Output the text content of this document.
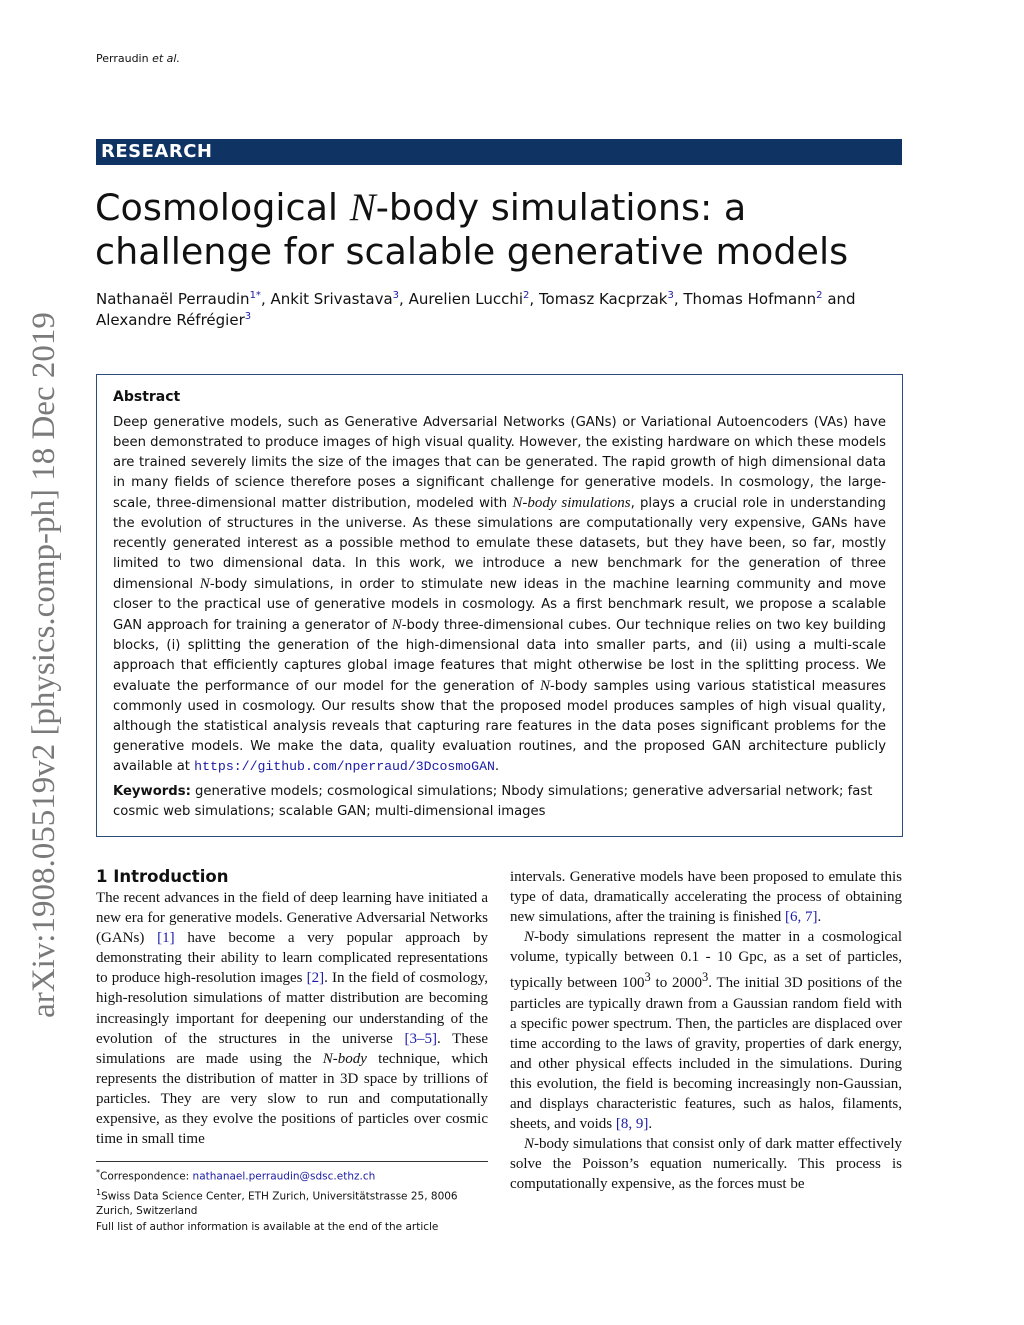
Perraudin et al.
arXiv:1908.05519v2 [physics.comp-ph] 18 Dec 2019
RESEARCH
Cosmological N-body simulations: a challenge for scalable generative models
Nathanaël Perraudin$^{1*}$, Ankit Srivastava$^3$, Aurelien Lucchi$^2$, Tomasz Kacprzak$^3$, Thomas Hofmann$^2$ and Alexandre Réfrégier$^3$
Abstract

Deep generative models, such as Generative Adversarial Networks (GANs) or Variational Autoencoders (VAs) have been demonstrated to produce images of high visual quality. However, the existing hardware on which these models are trained severely limits the size of the images that can be generated. The rapid growth of high dimensional data in many fields of science therefore poses a significant challenge for generative models. In cosmology, the large-scale, three-dimensional matter distribution, modeled with N-body simulations, plays a crucial role in understanding the evolution of structures in the universe. As these simulations are computationally very expensive, GANs have recently generated interest as a possible method to emulate these datasets, but they have been, so far, mostly limited to two dimensional data. In this work, we introduce a new benchmark for the generation of three dimensional N-body simulations, in order to stimulate new ideas in the machine learning community and move closer to the practical use of generative models in cosmology. As a first benchmark result, we propose a scalable GAN approach for training a generator of N-body three-dimensional cubes. Our technique relies on two key building blocks, (i) splitting the generation of the high-dimensional data into smaller parts, and (ii) using a multi-scale approach that efficiently captures global image features that might otherwise be lost in the splitting process. We evaluate the performance of our model for the generation of N-body samples using various statistical measures commonly used in cosmology. Our results show that the proposed model produces samples of high visual quality, although the statistical analysis reveals that capturing rare features in the data poses significant problems for the generative models. We make the data, quality evaluation routines, and the proposed GAN architecture publicly available at https://github.com/nperraud/3DcosmoGAN.

Keywords: generative models; cosmological simulations; Nbody simulations; generative adversarial network; fast cosmic web simulations; scalable GAN; multi-dimensional images

1 Introduction

The recent advances in the field of deep learning have initiated a new era for generative models. Generative Adversarial Networks (GANs) [1] have become a very popular approach by demonstrating their ability to learn complicated representations to produce high-resolution images [2]. In the field of cosmology, high-resolution simulations of matter distribution are becoming increasingly important for deepening our understanding of the evolution of the structures in the universe [3–5]. These simulations are made using the N-body technique, which represents the distribution of matter in 3D space by trillions of particles. They are very slow to run and computationally expensive, as they evolve the positions of particles over cosmic time in small time

intervals. Generative models have been proposed to emulate this type of data, dramatically accelerating the process of obtaining new simulations, after the training is finished [6, 7].

N-body simulations represent the matter in a cosmological volume, typically between 0.1 - 10 Gpc, as a set of particles, typically between $100^3$ to 2000$^3$. The initial 3D positions of the particles are typically drawn from a Gaussian random field with a specific power spectrum. Then, the particles are displaced over time according to the laws of gravity, properties of dark energy, and other physical effects included in the simulations. During this evolution, the field is becoming increasingly non-Gaussian, and displays characteristic features, such as halos, filaments, sheets, and voids [8, 9].

N-body simulations that consist only of dark matter effectively solve the Poisson’s equation numerically. This process is computationally expensive, as the forces must be

*Correspondence: nathanael.perraudin@sdsc.ethz.ch
$^1$Swiss Data Science Center, ETH Zurich, Universitätstrasse 25, 8006 Zurich, Switzerland
Full list of author information is available at the end of the article
